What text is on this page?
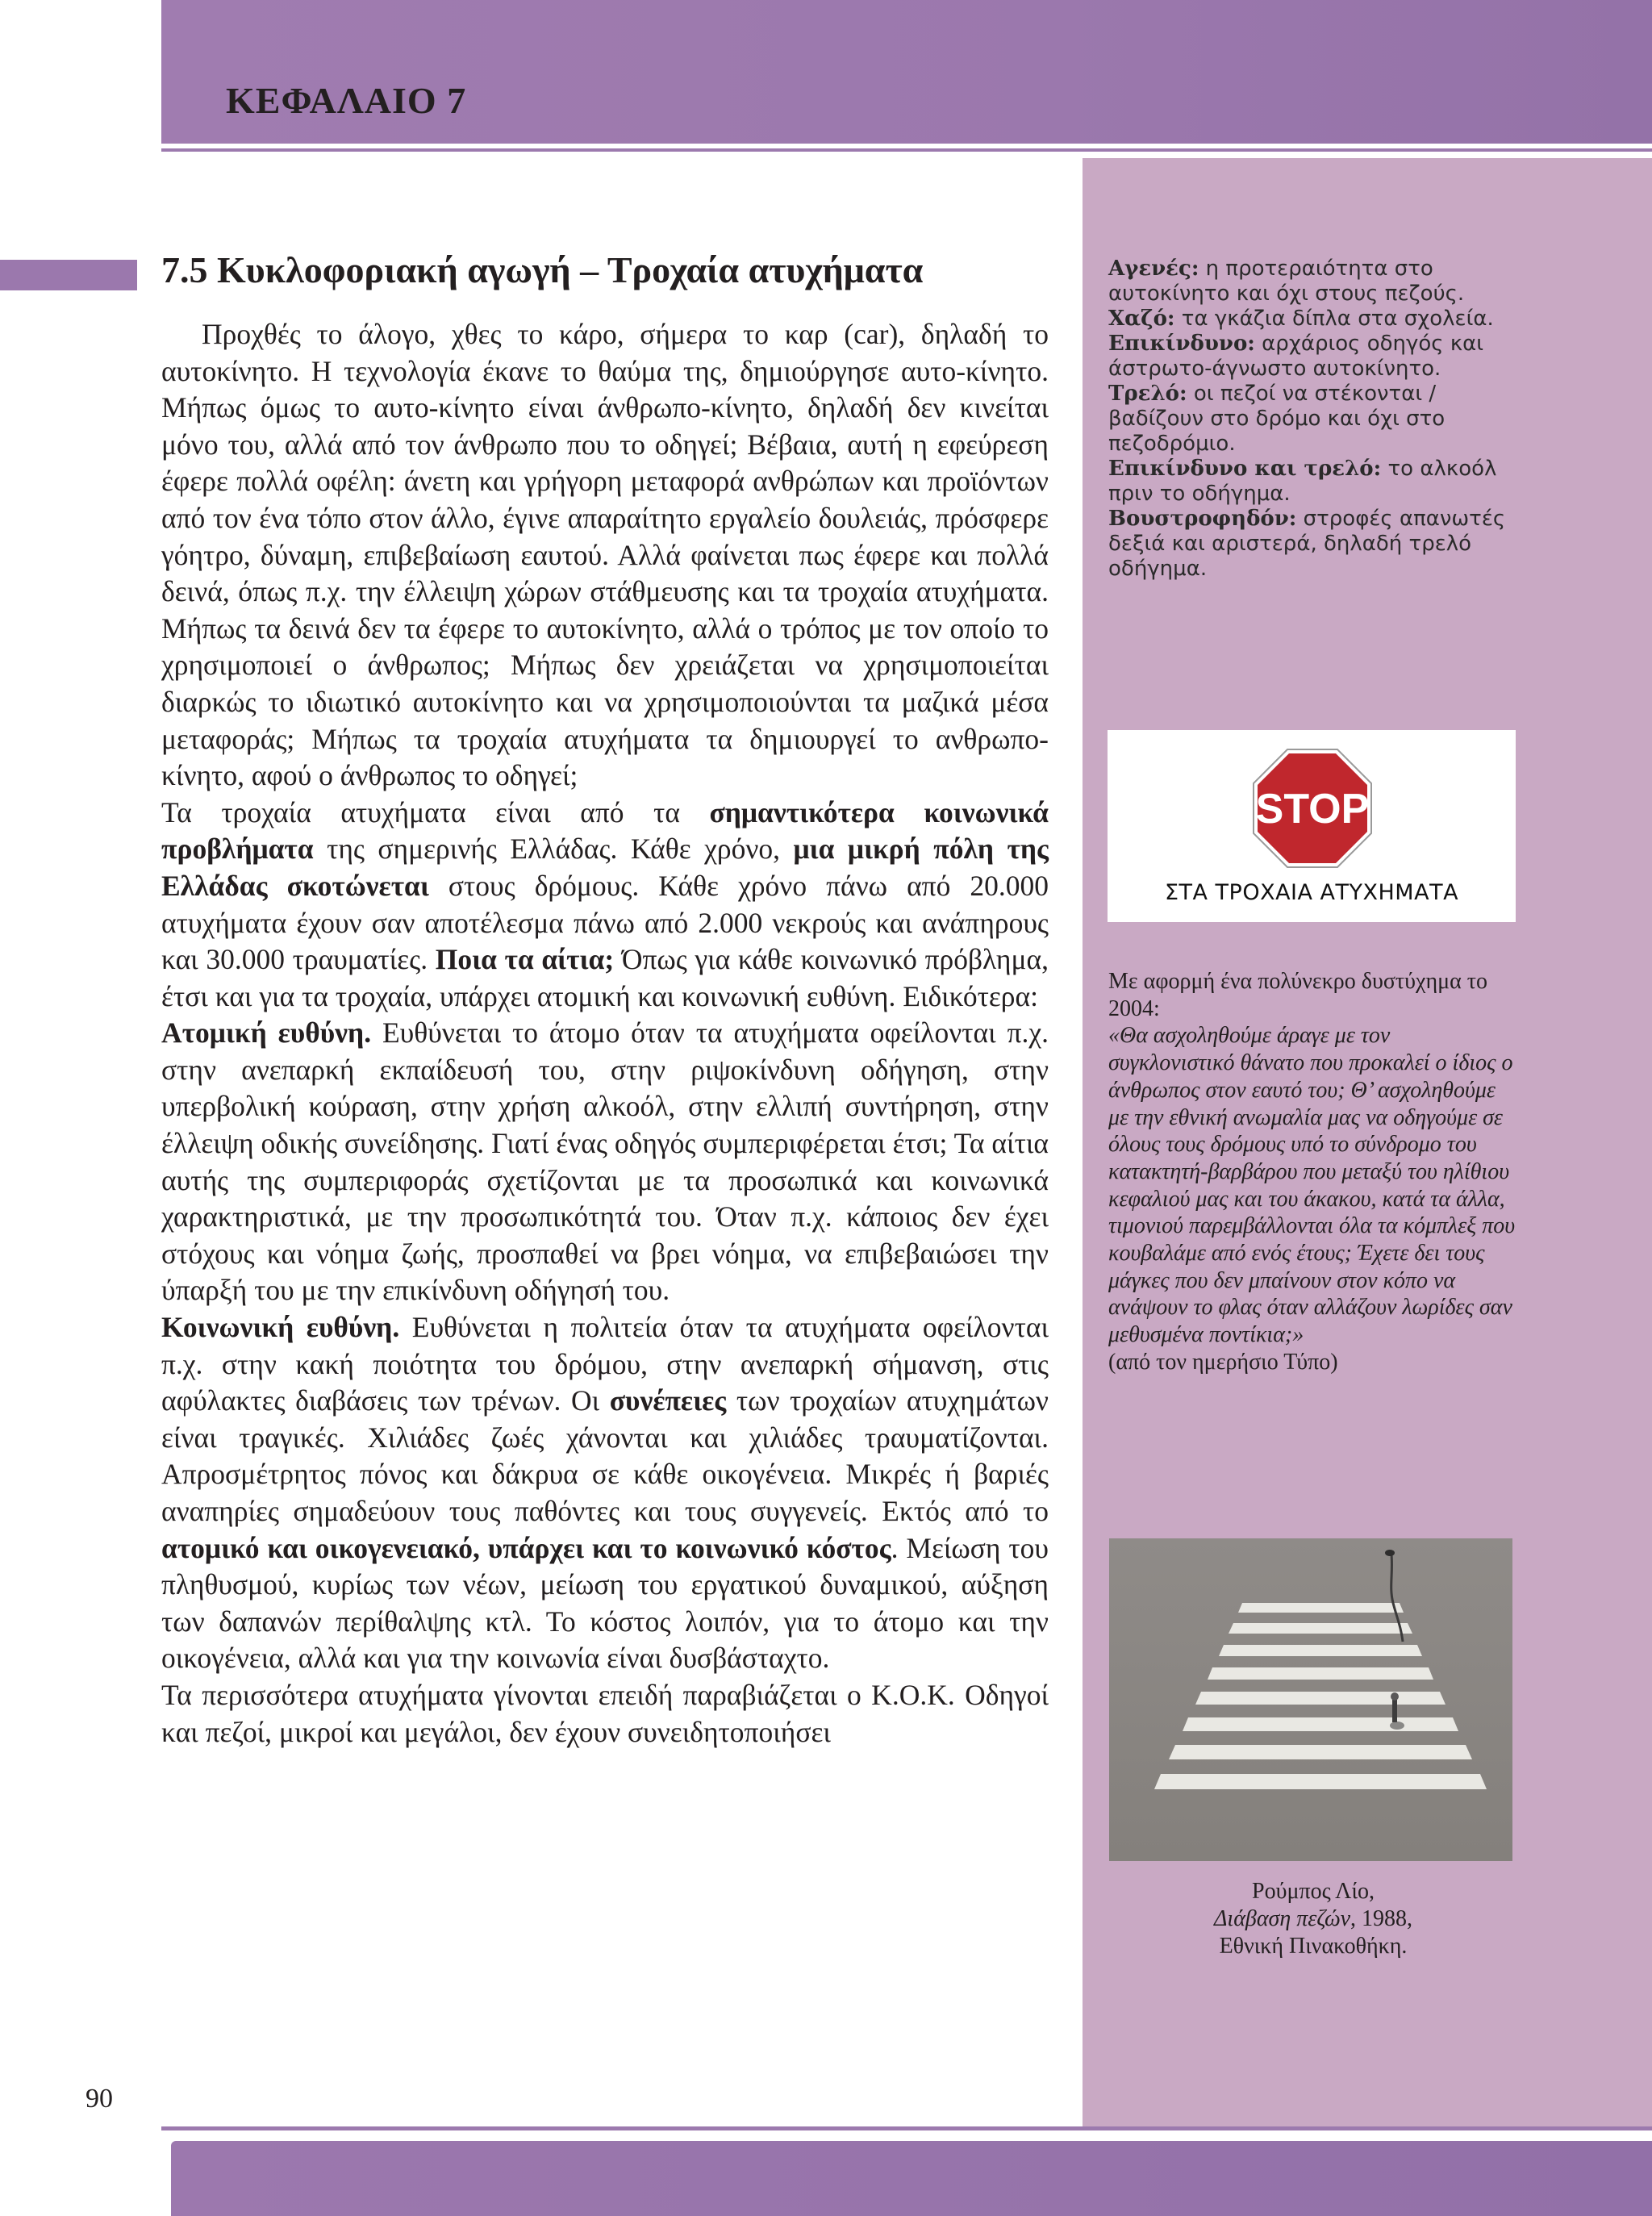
ΚΕΦΑΛΑΙΟ 7
7.5 Κυκλοφοριακή αγωγή – Τροχαία ατυχήματα

Προχθές το άλογο, χθες το κάρο, σήμερα το καρ (car), δηλαδή το αυτοκίνητο. Η τεχνολογία έκανε το θαύμα της, δημιούργησε αυτο-κίνητο. Μήπως όμως το αυτο-κίνητο είναι άνθρωπο-κίνητο, δηλαδή δεν κινείται μόνο του, αλλά από τον άνθρωπο που το οδηγεί; Βέβαια, αυτή η εφεύρεση έφερε πολλά οφέλη: άνετη και γρήγορη μεταφορά ανθρώπων και προϊόντων από τον ένα τόπο στον άλλο, έγινε απαραίτητο εργαλείο δουλειάς, πρόσφερε γόητρο, δύναμη, επιβεβαίωση εαυτού. Αλλά φαίνεται πως έφερε και πολλά δεινά, όπως π.χ. την έλλειψη χώρων στάθμευσης και τα τροχαία ατυχήματα. Μήπως τα δεινά δεν τα έφερε το αυτοκίνητο, αλλά ο τρόπος με τον οποίο το χρησιμοποιεί ο άνθρωπος; Μήπως δεν χρειάζεται να χρησιμοποιείται διαρκώς το ιδιωτικό αυτοκίνητο και να χρησιμοποιούνται τα μαζικά μέσα μεταφοράς; Μήπως τα τροχαία ατυχήματα τα δημιουργεί το ανθρωπο-κίνητο, αφού ο άνθρωπος το οδηγεί;

Τα τροχαία ατυχήματα είναι από τα σημαντικότερα κοινωνικά προβλήματα της σημερινής Ελλάδας. Κάθε χρόνο, μια μικρή πόλη της Ελλάδας σκοτώνεται στους δρόμους. Κάθε χρόνο πάνω από 20.000 ατυχήματα έχουν σαν αποτέλεσμα πάνω από 2.000 νεκρούς και ανάπηρους και 30.000 τραυματίες. Ποια τα αίτια; Όπως για κάθε κοινωνικό πρόβλημα, έτσι και για τα τροχαία, υπάρχει ατομική και κοινωνική ευθύνη. Ειδικότερα:

Ατομική ευθύνη. Ευθύνεται το άτομο όταν τα ατυχήματα οφείλονται π.χ. στην ανεπαρκή εκπαίδευσή του, στην ριψοκίνδυνη οδήγηση, στην υπερβολική κούραση, στην χρήση αλκοόλ, στην ελλιπή συντήρηση, στην έλλειψη οδικής συνείδησης. Γιατί ένας οδηγός συμπεριφέρεται έτσι; Τα αίτια αυτής της συμπεριφοράς σχετίζονται με τα προσωπικά και κοινωνικά χαρακτηριστικά, με την προσωπικότητά του. Όταν π.χ. κάποιος δεν έχει στόχους και νόημα ζωής, προσπαθεί να βρει νόημα, να επιβεβαιώσει την ύπαρξή του με την επικίνδυνη οδήγησή του.

Κοινωνική ευθύνη. Ευθύνεται η πολιτεία όταν τα ατυχήματα οφείλονται π.χ. στην κακή ποιότητα του δρόμου, στην ανεπαρκή σήμανση, στις αφύλακτες διαβάσεις των τρένων. Οι συνέπειες των τροχαίων ατυχημάτων είναι τραγικές. Χιλιάδες ζωές χάνονται και χιλιάδες τραυματίζονται. Απροσμέτρητος πόνος και δάκρυα σε κάθε οικογένεια. Μικρές ή βαριές αναπηρίες σημαδεύουν τους παθόντες και τους συγγενείς. Εκτός από το ατομικό και οικογενειακό, υπάρχει και το κοινωνικό κόστος. Μείωση του πληθυσμού, κυρίως των νέων, μείωση του εργατικού δυναμικού, αύξηση των δαπανών περίθαλψης κτλ. Το κόστος λοιπόν, για το άτομο και την οικογένεια, αλλά και για την κοινωνία είναι δυσβάσταχτο.

Τα περισσότερα ατυχήματα γίνονται επειδή παραβιάζεται ο Κ.Ο.Κ. Οδηγοί και πεζοί, μικροί και μεγάλοι, δεν έχουν συνειδητοποιήσει

Αγενές: η προτεραιότητα στο αυτοκίνητο και όχι στους πεζούς.

Χαζό: τα γκάζια δίπλα στα σχολεία.

Επικίνδυνο: αρχάριος οδηγός και άστρωτο-άγνωστο αυτοκίνητο.

Τρελό: οι πεζοί να στέκονται / βαδίζουν στο δρόμο και όχι στο πεζοδρόμιο.

Επικίνδυνο και τρελό: το αλκοόλ πριν το οδήγημα.

Βουστροφηδόν: στροφές απανωτές δεξιά και αριστερά, δηλαδή τρελό οδήγημα.

STOP
ΣΤΑ ΤΡΟΧΑΙΑ ΑΤΥΧΗΜΑΤΑ

Με αφορμή ένα πολύνεκρο δυστύχημα το 2004:

«Θα ασχοληθούμε άραγε με τον συγκλονιστικό θάνατο που προκαλεί ο ίδιος ο άνθρωπος στον εαυτό του; Θ’ ασχοληθούμε με την εθνική ανωμαλία μας να οδηγούμε σε όλους τους δρόμους υπό το σύνδρομο του κατακτητή-βαρβάρου που μεταξύ του ηλίθιου κεφαλιού μας και του άκακου, κατά τα άλλα, τιμονιού παρεμβάλλονται όλα τα κόμπλεξ που κουβαλάμε από ενός έτους; Έχετε δει τους μάγκες που δεν μπαίνουν στον κόπο να ανάψουν το φλας όταν αλλάζουν λωρίδες σαν μεθυσμένα ποντίκια;»

(από τον ημερήσιο Τύπο)

Ρούμπος Λίο,
Διάβαση πεζών, 1988,
Εθνική Πινακοθήκη.
90
